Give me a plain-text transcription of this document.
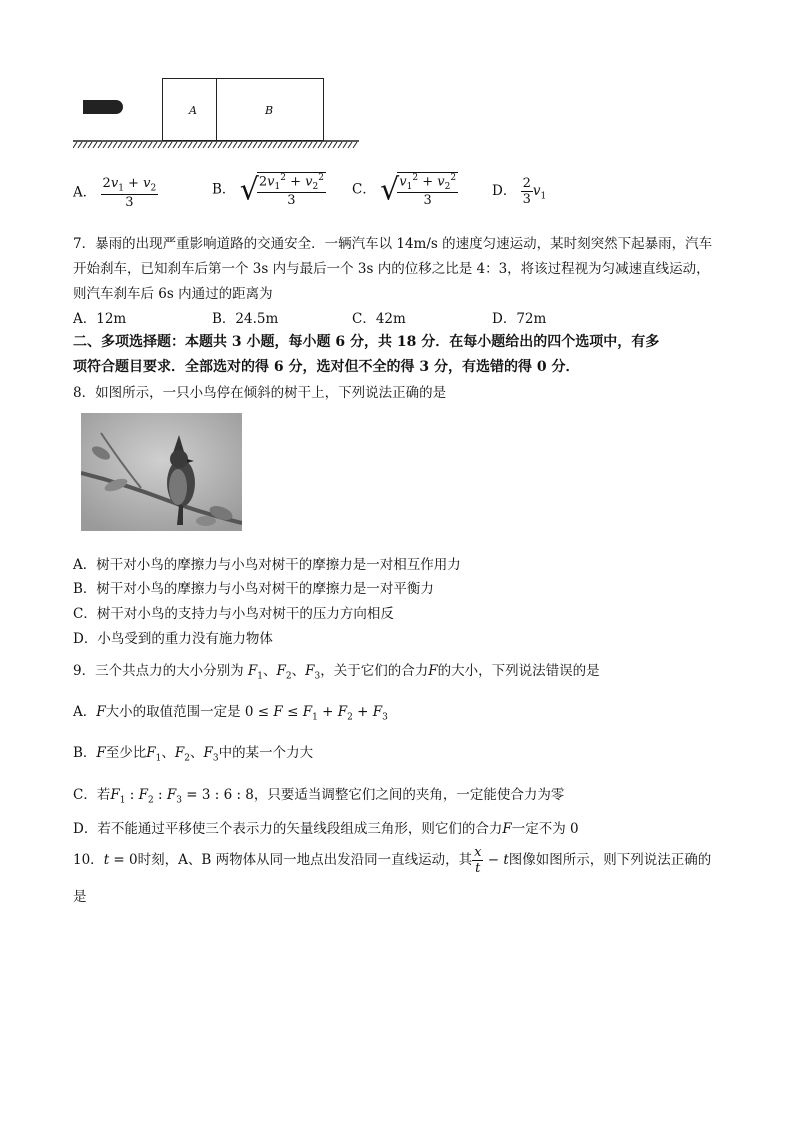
A	B
A． $\frac{2v_1 + v_2}{3}$	B． √
$\frac{2v_1^2 + v_2^2}{3}$ C． √
$\frac{v_1^2 + v_2^2}{3}$	D． $\frac{2}{3} v_1$
7．暴雨的出现严重影响道路的交通安全．一辆汽车以 14m/s 的速度匀速运动，某时刻突然下起暴雨，汽车
开始刹车，已知刹车后第一个 3s 内与最后一个 3s 内的位移之比是 4：3，将该过程视为匀减速直线运动，
则汽车刹车后 6s 内通过的距离为
A．12m	B．24.5m	C．42m	D．72m
二、多项选择题：本题共 3 小题，每小题 6 分，共 18 分．在每小题给出的四个选项中，有多
项符合题目要求．全部选对的得 6 分，选对但不全的得 3 分，有选错的得 0 分．
8．如图所示，一只小鸟停在倾斜的树干上，下列说法正确的是
A．树干对小鸟的摩擦力与小鸟对树干的摩擦力是一对相互作用力
B．树干对小鸟的摩擦力与小鸟对树干的摩擦力是一对平衡力
C．树干对小鸟的支持力与小鸟对树干的压力方向相反
D．小鸟受到的重力没有施力物体
9．三个共点力的大小分别为 $F_1$、$F_2$、$F_3$，关于它们的合力F的大小，下列说法错误的是
A．F大小的取值范围一定是 $0 \le F \le F_1 + F_2 + F_3$
B．F至少比$F_1$、$F_2$、$F_3$中的某一个力大
C．若$F_1$ : $F_2$ : $F_3 = 3$ : 6 : 8，只要适当调整它们之间的夹角，一定能使合力为零
D．若不能通过平移使三个表示力的矢量线段组成三角形，则它们的合力F一定不为 0
10．t = 0时刻，A、B 两物体从同一地点出发沿同一直线运动，其 $\frac{x}{t} - t$图像如图所示，则下列说法正确的
是
